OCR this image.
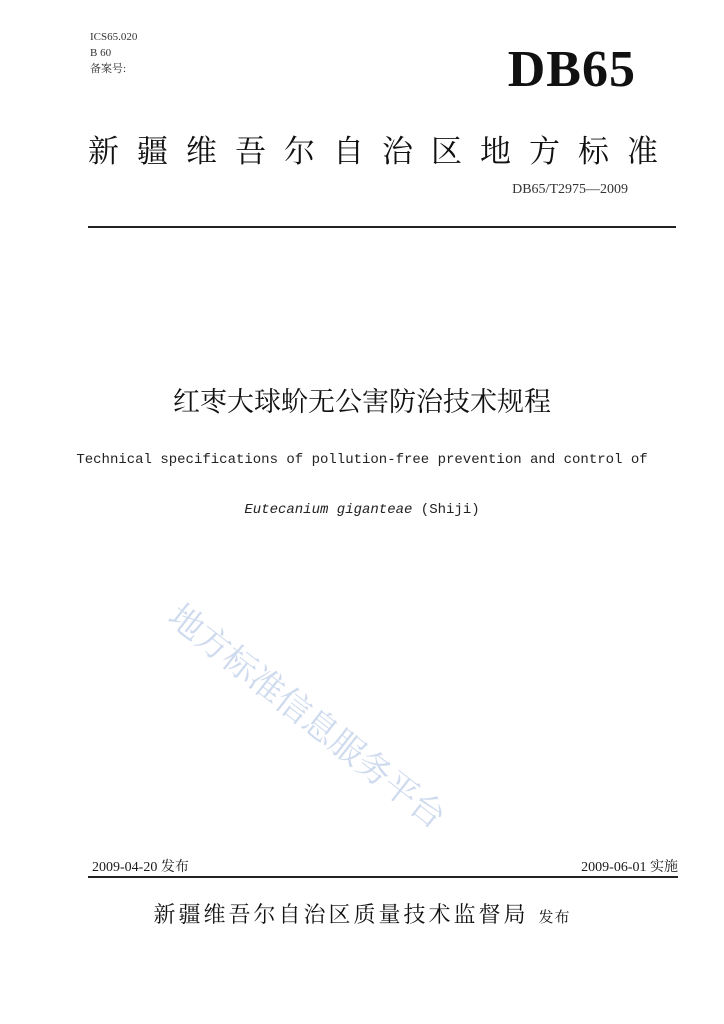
ICS65.020
B 60
备案号:	DB65
新疆维吾尔自治区地方标准
DB65/T2975—2009
红枣大球蚧无公害防治技术规程
Technical specifications of pollution-free prevention and control of
Eutecanium giganteae (Shiji)
地方标准信息服务平台
2009-04-20 发布	2009-06-01 实施
新疆维吾尔自治区质量技术监督局 发布
